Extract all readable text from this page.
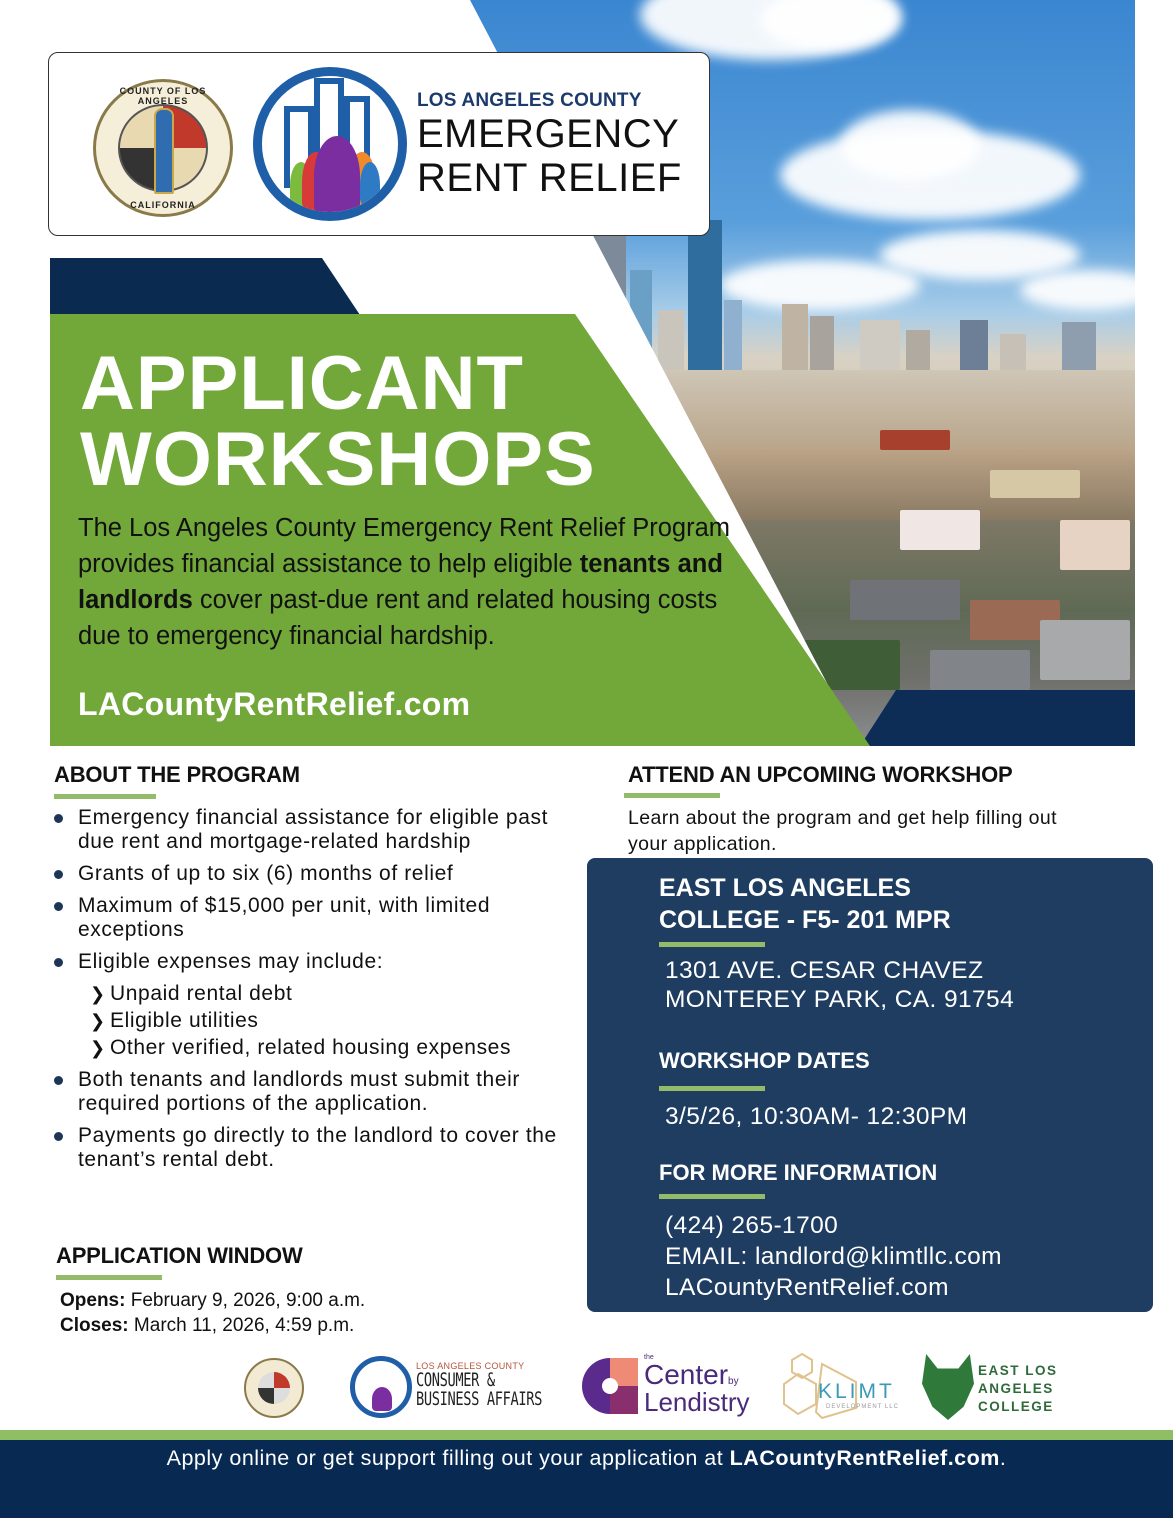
COUNTY OF LOS ANGELES
CALIFORNIA
LOS ANGELES COUNTY
EMERGENCY
RENT RELIEF
APPLICANT
WORKSHOPS
The Los Angeles County Emergency Rent Relief Program provides financial assistance to help eligible tenants and landlords cover past-due rent and related housing costs due to emergency financial hardship.
LACountyRentRelief.com
ABOUT THE PROGRAM
Emergency financial assistance for eligible past due rent and mortgage-related hardship
Grants of up to six (6) months of relief
Maximum of $15,000 per unit, with limited exceptions
Eligible expenses may include:
❯ Unpaid rental debt
❯ Eligible utilities
❯ Other verified, related housing expenses
Both tenants and landlords must submit their required portions of the application.
Payments go directly to the landlord to cover the tenant’s rental debt.
APPLICATION WINDOW
Opens: February 9, 2026, 9:00 a.m.
Closes: March 11, 2026, 4:59 p.m.
ATTEND AN UPCOMING WORKSHOP
Learn about the program and get help filling out your application.
EAST LOS ANGELES
COLLEGE - F5- 201 MPR
1301 AVE. CESAR CHAVEZ
MONTEREY PARK, CA. 91754
WORKSHOP DATES
3/5/26, 10:30AM- 12:30PM
FOR MORE INFORMATION
(424) 265-1700
EMAIL: landlord@klimtllc.com
LACountyRentRelief.com
LOS ANGELES COUNTY
CONSUMER &
BUSINESS AFFAIRS
the
Centerby
Lendistry	KLIMT
DEVELOPMENT LLC
EAST LOS
ANGELES
COLLEGE
Apply online or get support filling out your application at LACountyRentRelief.com.
